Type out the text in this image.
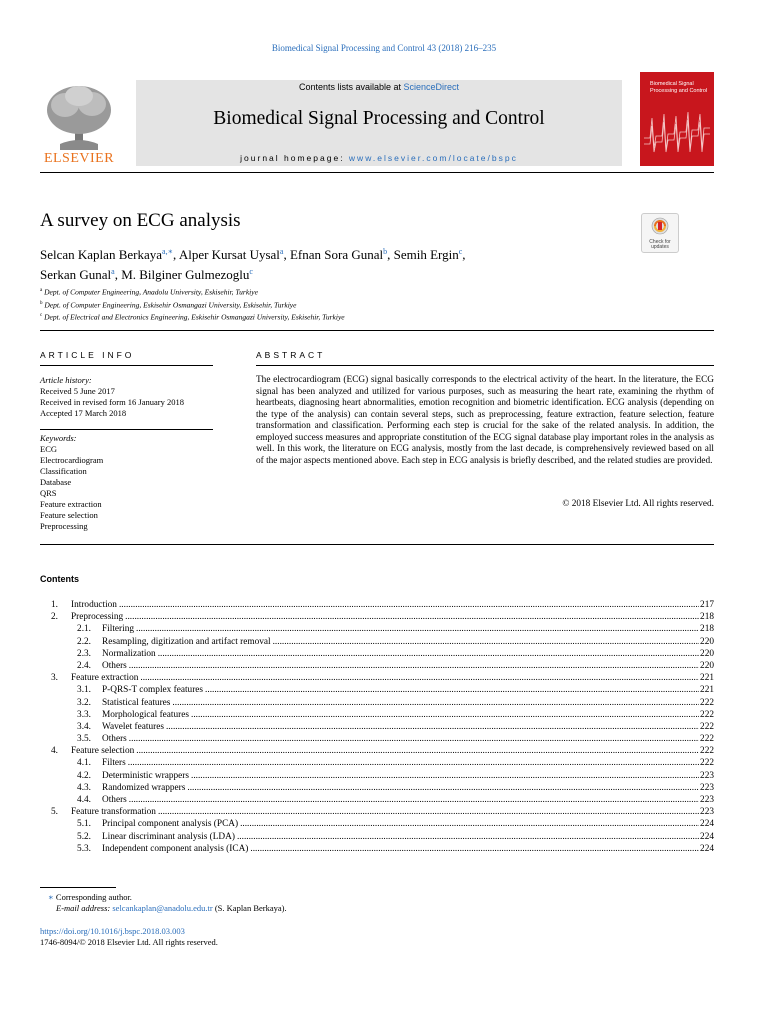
Biomedical Signal Processing and Control 43 (2018) 216–235
ELSEVIER
Contents lists available at ScienceDirect
Biomedical Signal Processing and Control
journal homepage: www.elsevier.com/locate/bspc
Biomedical Signal Processing and Control
A survey on ECG analysis
Selcan Kaplan Berkaya$^{a,∗}$, Alper Kursat Uysal$^a$, Efnan Sora Gunal$^b$, Semih Ergin$^c$,
Serkan Gunal$^a$, M. Bilginer Gulmezoglu$^c$
Check for updates
$^a$ Dept. of Computer Engineering, Anadolu University, Eskisehir, Turkiye
$^b$ Dept. of Computer Engineering, Eskisehir Osmangazi University, Eskisehir, Turkiye
$^c$ Dept. of Electrical and Electronics Engineering, Eskisehir Osmangazi University, Eskisehir, Turkiye
ARTICLE INFO
Article history:
Received 5 June 2017
Received in revised form 16 January 2018
Accepted 17 March 2018
Keywords:
ECG
Electrocardiogram
Classification
Database
QRS
Feature extraction
Feature selection
Preprocessing
ABSTRACT
The electrocardiogram (ECG) signal basically corresponds to the electrical activity of the heart. In the literature, the ECG signal has been analyzed and utilized for various purposes, such as measuring the heart rate, examining the rhythm of heartbeats, diagnosing heart abnormalities, emotion recognition and biometric identification. ECG analysis (depending on the type of the analysis) can contain several steps, such as preprocessing, feature extraction, feature selection, feature transformation and classification. Performing each step is crucial for the sake of the related analysis. In addition, the employed success measures and appropriate constitution of the ECG signal database play important roles in the analysis as well. In this work, the literature on ECG analysis, mostly from the last decade, is comprehensively reviewed based on all of the major aspects mentioned above. Each step in ECG analysis is briefly described, and the related studies are provided.
© 2018 Elsevier Ltd. All rights reserved.
Contents
1. Introduction .....	217
2. Preprocessing .....	218
2.1. Filtering .....	218
2.2. Resampling, digitization and artifact removal .....	220
2.3. Normalization .....	220
2.4. Others .....	220
3. Feature extraction .....	221
3.1. P-QRS-T complex features .....	221
3.2. Statistical features .....	222
3.3. Morphological features .....	222
3.4. Wavelet features .....	222
3.5. Others .....	222
4. Feature selection .....	222
4.1. Filters .....	222
4.2. Deterministic wrappers .....	223
4.3. Randomized wrappers .....	223
4.4. Others .....	223
5. Feature transformation .....	223
5.1. Principal component analysis (PCA) .....	224
5.2. Linear discriminant analysis (LDA) .....	224
5.3. Independent component analysis (ICA) .....	224
∗ Corresponding author.
E-mail address: selcankaplan@anadolu.edu.tr (S. Kaplan Berkaya).
https://doi.org/10.1016/j.bspc.2018.03.003
1746-8094/© 2018 Elsevier Ltd. All rights reserved.
